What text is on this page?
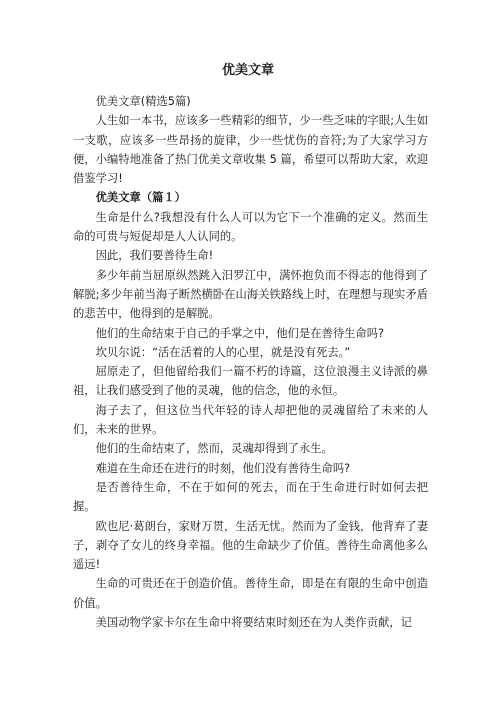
优美文章

优美文章(精选5篇)

人生如一本书，应该多一些精彩的细节，少一些乏味的字眼;人生如一支歌，应该多一些昂扬的旋律，少一些忧伤的音符;为了大家学习方便，小编特地准备了热门优美文章收集 5 篇，希望可以帮助大家，欢迎借鉴学习!

优美文章（篇１）

生命是什么?我想没有什么人可以为它下一个准确的定义。然而生命的可贵与短促却是人人认同的。

因此，我们要善待生命!

多少年前当屈原纵然跳入汨罗江中，满怀抱负而不得志的他得到了解脱;多少年前当海子断然横卧在山海关铁路线上时，在理想与现实矛盾的悲苦中，他得到的是解脱。

他们的生命结束于自己的手掌之中，他们是在善待生命吗?

坎贝尔说：“活在活着的人的心里，就是没有死去。”

屈原走了，但他留给我们一篇不朽的诗篇，这位浪漫主义诗派的鼻祖，让我们感受到了他的灵魂，他的信念，他的永恒。

海子去了，但这位当代年轻的诗人却把他的灵魂留给了未来的人们，未来的世界。

他们的生命结束了，然而，灵魂却得到了永生。

难道在生命还在进行的时刻，他们没有善待生命吗?

是否善待生命，不在于如何的死去，而在于生命进行时如何去把握。

欧也尼·葛朗台，家财万贯，生活无忧。然而为了金钱，他背弃了妻子，剥夺了女儿的终身幸福。他的生命缺少了价值。善待生命离他多么遥远!

生命的可贵还在于创造价值。善待生命，即是在有限的生命中创造价值。

美国动物学家卡尔在生命中将要结束时刻还在为人类作贡献，记
